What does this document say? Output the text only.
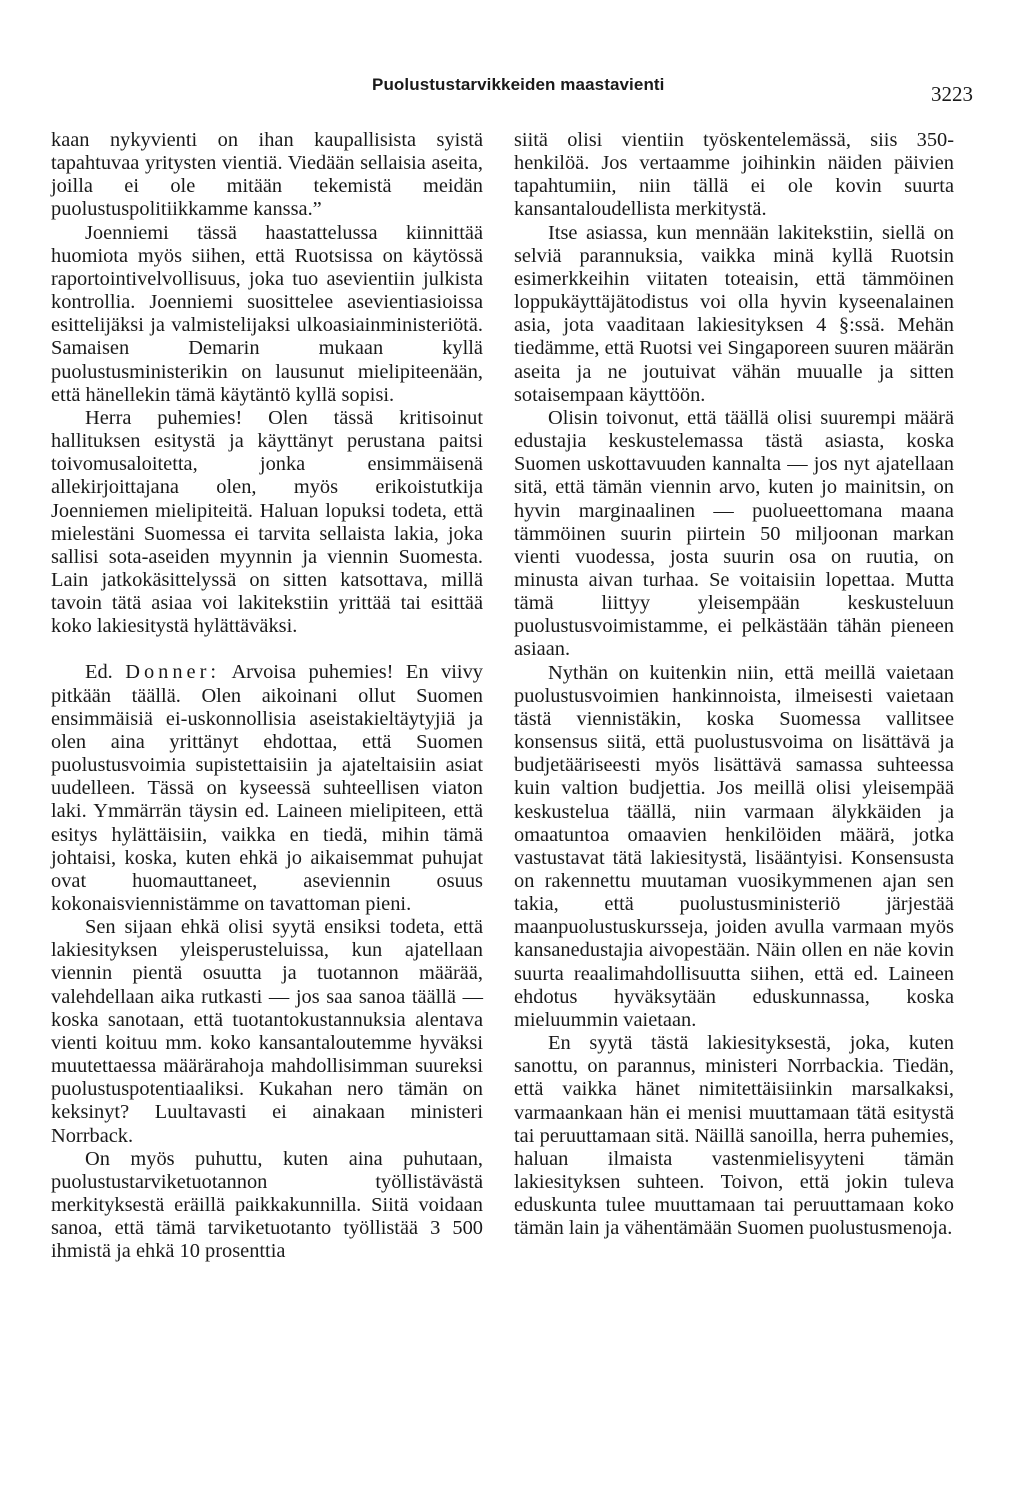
Puolustustarvikkeiden maastavienti	3223

kaan nykyvienti on ihan kaupallisista syistä tapahtuvaa yritysten vientiä. Viedään sellaisia aseita, joilla ei ole mitään tekemistä meidän puolustuspolitiikkamme kanssa.”

Joenniemi tässä haastattelussa kiinnittää huomiota myös siihen, että Ruotsissa on käytössä raportointivelvollisuus, joka tuo asevientiin julkista kontrollia. Joenniemi suosittelee asevientiasioissa esittelijäksi ja valmistelijaksi ulkoasiainministeriötä. Samaisen Demarin mukaan kyllä puolustusministerikin on lausunut mielipiteenään, että hänellekin tämä käytäntö kyllä sopisi.

Herra puhemies! Olen tässä kritisoinut hallituksen esitystä ja käyttänyt perustana paitsi toivomusaloitetta, jonka ensimmäisenä allekirjoittajana olen, myös erikoistutkija Joenniemen mielipiteitä. Haluan lopuksi todeta, että mielestäni Suomessa ei tarvita sellaista lakia, joka sallisi sota-aseiden myynnin ja viennin Suomesta. Lain jatkokäsittelyssä on sitten katsottava, millä tavoin tätä asiaa voi lakitekstiin yrittää tai esittää koko lakiesitystä hylättäväksi.

Ed. Donner: Arvoisa puhemies! En viivy pitkään täällä. Olen aikoinani ollut Suomen ensimmäisiä ei-uskonnollisia aseistakieltäytyjiä ja olen aina yrittänyt ehdottaa, että Suomen puolustusvoimia supistettaisiin ja ajateltaisiin asiat uudelleen. Tässä on kyseessä suhteellisen viaton laki. Ymmärrän täysin ed. Laineen mielipiteen, että esitys hylättäisiin, vaikka en tiedä, mihin tämä johtaisi, koska, kuten ehkä jo aikaisemmat puhujat ovat huomauttaneet, aseviennin osuus kokonaisviennistämme on tavattoman pieni.

Sen sijaan ehkä olisi syytä ensiksi todeta, että lakiesityksen yleisperusteluissa, kun ajatellaan viennin pientä osuutta ja tuotannon määrää, valehdellaan aika rutkasti — jos saa sanoa täällä — koska sanotaan, että tuotantokustannuksia alentava vienti koituu mm. koko kansantaloutemme hyväksi muutettaessa määrärahoja mahdollisimman suureksi puolustuspotentiaaliksi. Kukahan nero tämän on keksinyt? Luultavasti ei ainakaan ministeri Norrback.

On myös puhuttu, kuten aina puhutaan, puolustustarviketuotannon työllistävästä merkityksestä eräillä paikkakunnilla. Siitä voidaan sanoa, että tämä tarviketuotanto työllistää 3 500 ihmistä ja ehkä 10 prosenttia

siitä olisi vientiin työskentelemässä, siis 350-henkilöä. Jos vertaamme joihinkin näiden päivien tapahtumiin, niin tällä ei ole kovin suurta kansantaloudellista merkitystä.

Itse asiassa, kun mennään lakitekstiin, siellä on selviä parannuksia, vaikka minä kyllä Ruotsin esimerkkeihin viitaten toteaisin, että tämmöinen loppukäyttäjätodistus voi olla hyvin kyseenalainen asia, jota vaaditaan lakiesityksen 4 §:ssä. Mehän tiedämme, että Ruotsi vei Singaporeen suuren määrän aseita ja ne joutuivat vähän muualle ja sitten sotaisempaan käyttöön.

Olisin toivonut, että täällä olisi suurempi määrä edustajia keskustelemassa tästä asiasta, koska Suomen uskottavuuden kannalta — jos nyt ajatellaan sitä, että tämän viennin arvo, kuten jo mainitsin, on hyvin marginaalinen — puolueettomana maana tämmöinen suurin piirtein 50 miljoonan markan vienti vuodessa, josta suurin osa on ruutia, on minusta aivan turhaa. Se voitaisiin lopettaa. Mutta tämä liittyy yleisempään keskusteluun puolustusvoimistamme, ei pelkästään tähän pieneen asiaan.

Nythän on kuitenkin niin, että meillä vaietaan puolustusvoimien hankinnoista, ilmeisesti vaietaan tästä viennistäkin, koska Suomessa vallitsee konsensus siitä, että puolustusvoima on lisättävä ja budjetääriseesti myös lisättävä samassa suhteessa kuin valtion budjettia. Jos meillä olisi yleisempää keskustelua täällä, niin varmaan älykkäiden ja omaatuntoa omaavien henkilöiden määrä, jotka vastustavat tätä lakiesitystä, lisääntyisi. Konsensusta on rakennettu muutaman vuosikymmenen ajan sen takia, että puolustusministeriö järjestää maanpuolustuskursseja, joiden avulla varmaan myös kansanedustajia aivopestään. Näin ollen en näe kovin suurta reaalimahdollisuutta siihen, että ed. Laineen ehdotus hyväksytään eduskunnassa, koska mieluummin vaietaan.

En syytä tästä lakiesityksestä, joka, kuten sanottu, on parannus, ministeri Norrbackia. Tiedän, että vaikka hänet nimitettäisiinkin marsalkaksi, varmaankaan hän ei menisi muuttamaan tätä esitystä tai peruuttamaan sitä. Näillä sanoilla, herra puhemies, haluan ilmaista vastenmielisyyteni tämän lakiesityksen suhteen. Toivon, että jokin tuleva eduskunta tulee muuttamaan tai peruuttamaan koko tämän lain ja vähentämään Suomen puolustusmenoja.
